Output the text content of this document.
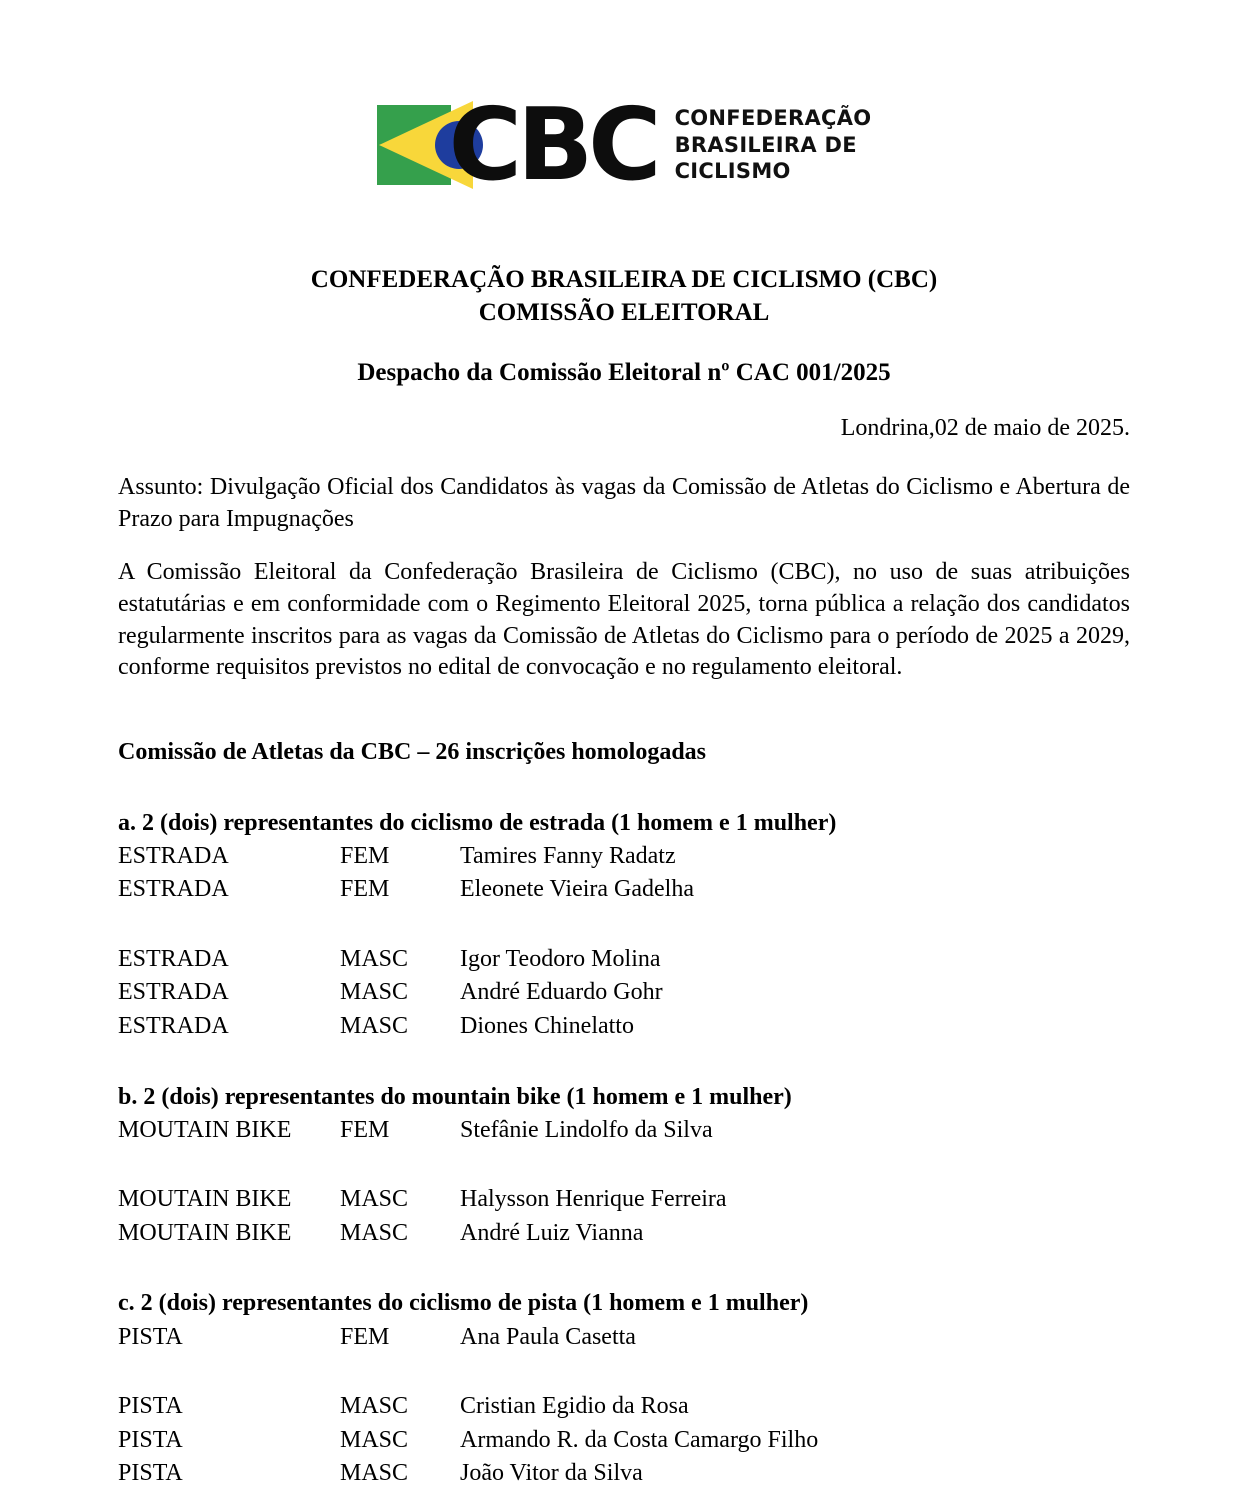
CBC CONFEDERAÇÃO
BRASILEIRA DE
CICLISMO
CONFEDERAÇÃO BRASILEIRA DE CICLISMO (CBC)
COMISSÃO ELEITORAL
Despacho da Comissão Eleitoral nº CAC 001/2025
Londrina,02 de maio de 2025.

Assunto: Divulgação Oficial dos Candidatos às vagas da Comissão de Atletas do Ciclismo e Abertura de Prazo para Impugnações

A Comissão Eleitoral da Confederação Brasileira de Ciclismo (CBC), no uso de suas atribuições estatutárias e em conformidade com o Regimento Eleitoral 2025, torna pública a relação dos candidatos regularmente inscritos para as vagas da Comissão de Atletas do Ciclismo para o período de 2025 a 2029, conforme requisitos previstos no edital de convocação e no regulamento eleitoral.

Comissão de Atletas da CBC – 26 inscrições homologadas
a. 2 (dois) representantes do ciclismo de estrada (1 homem e 1 mulher)
ESTRADA	FEM	Tamires Fanny Radatz
ESTRADA	FEM	Eleonete Vieira Gadelha
ESTRADA	MASC	Igor Teodoro Molina
ESTRADA	MASC	André Eduardo Gohr
ESTRADA	MASC	Diones Chinelatto
b. 2 (dois) representantes do mountain bike (1 homem e 1 mulher)
MOUTAIN BIKE	FEM	Stefânie Lindolfo da Silva
MOUTAIN BIKE	MASC	Halysson Henrique Ferreira
MOUTAIN BIKE	MASC	André Luiz Vianna
c. 2 (dois) representantes do ciclismo de pista (1 homem e 1 mulher)
PISTA	FEM	Ana Paula Casetta
PISTA	MASC	Cristian Egidio da Rosa
PISTA	MASC	Armando R. da Costa Camargo Filho
PISTA	MASC	João Vitor da Silva
